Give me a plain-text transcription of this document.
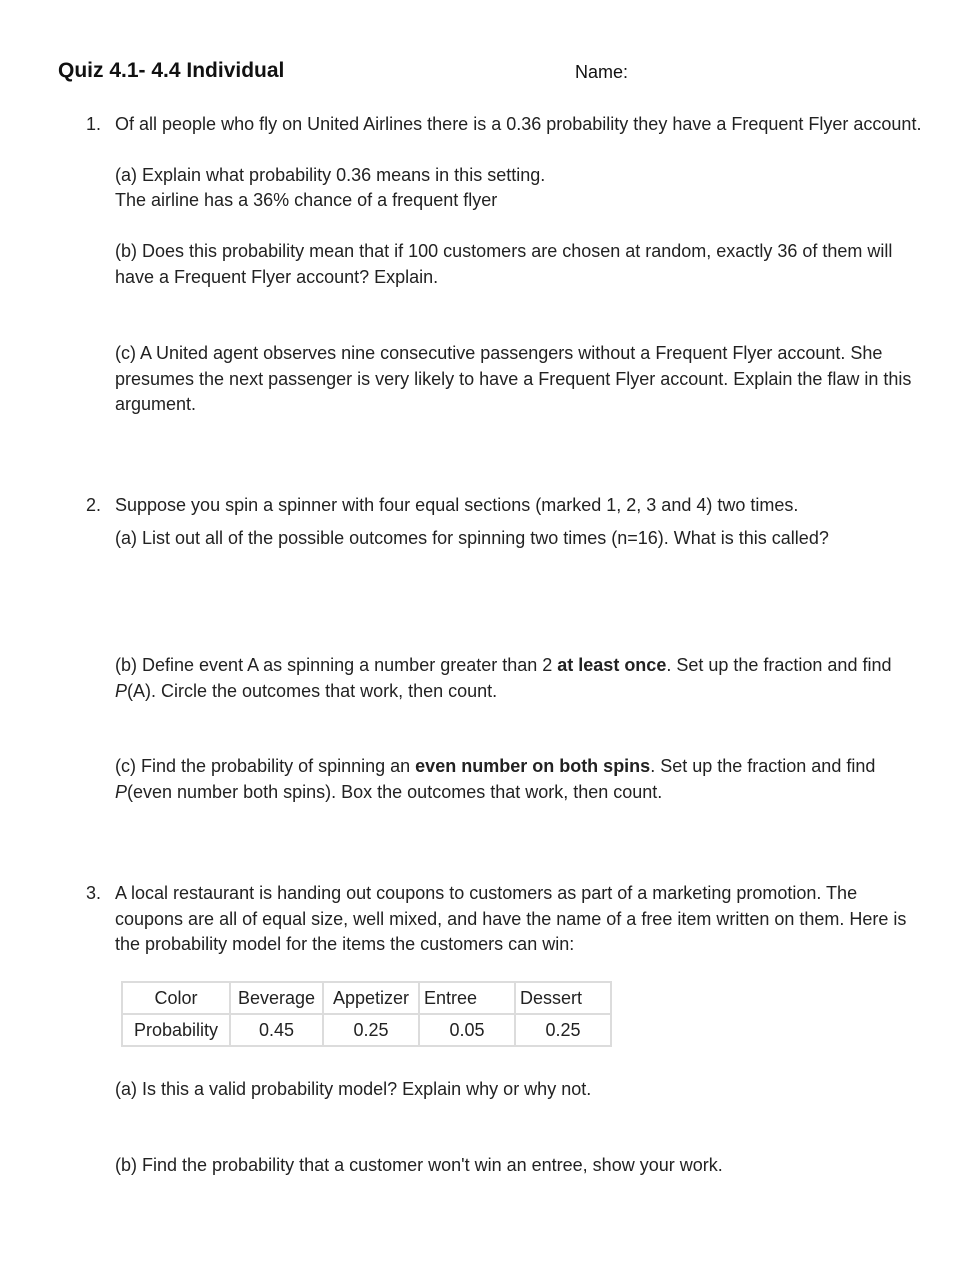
Quiz 4.1- 4.4 Individual	Name:
1. Of all people who fly on United Airlines there is a 0.36 probability they have a Frequent Flyer account.
(a) Explain what probability 0.36 means in this setting.
The airline has a 36% chance of a frequent flyer
(b) Does this probability mean that if 100 customers are chosen at random, exactly 36 of them will have a Frequent Flyer account? Explain.
(c) A United agent observes nine consecutive passengers without a Frequent Flyer account. She presumes the next passenger is very likely to have a Frequent Flyer account. Explain the flaw in this argument.
2. Suppose you spin a spinner with four equal sections (marked 1, 2, 3 and 4) two times.
(a) List out all of the possible outcomes for spinning two times (n=16). What is this called?
(b) Define event A as spinning a number greater than 2 at least once. Set up the fraction and find P(A). Circle the outcomes that work, then count.
(c) Find the probability of spinning an even number on both spins. Set up the fraction and find P(even number both spins). Box the outcomes that work, then count.
3. A local restaurant is handing out coupons to customers as part of a marketing promotion. The coupons are all of equal size, well mixed, and have the name of a free item written on them. Here is the probability model for the items the customers can win:
Color	Beverage	Appetizer	Entree	Dessert
Probability	0.45	0.25	0.05	0.25
(a) Is this a valid probability model? Explain why or why not.
(b) Find the probability that a customer won't win an entree, show your work.
